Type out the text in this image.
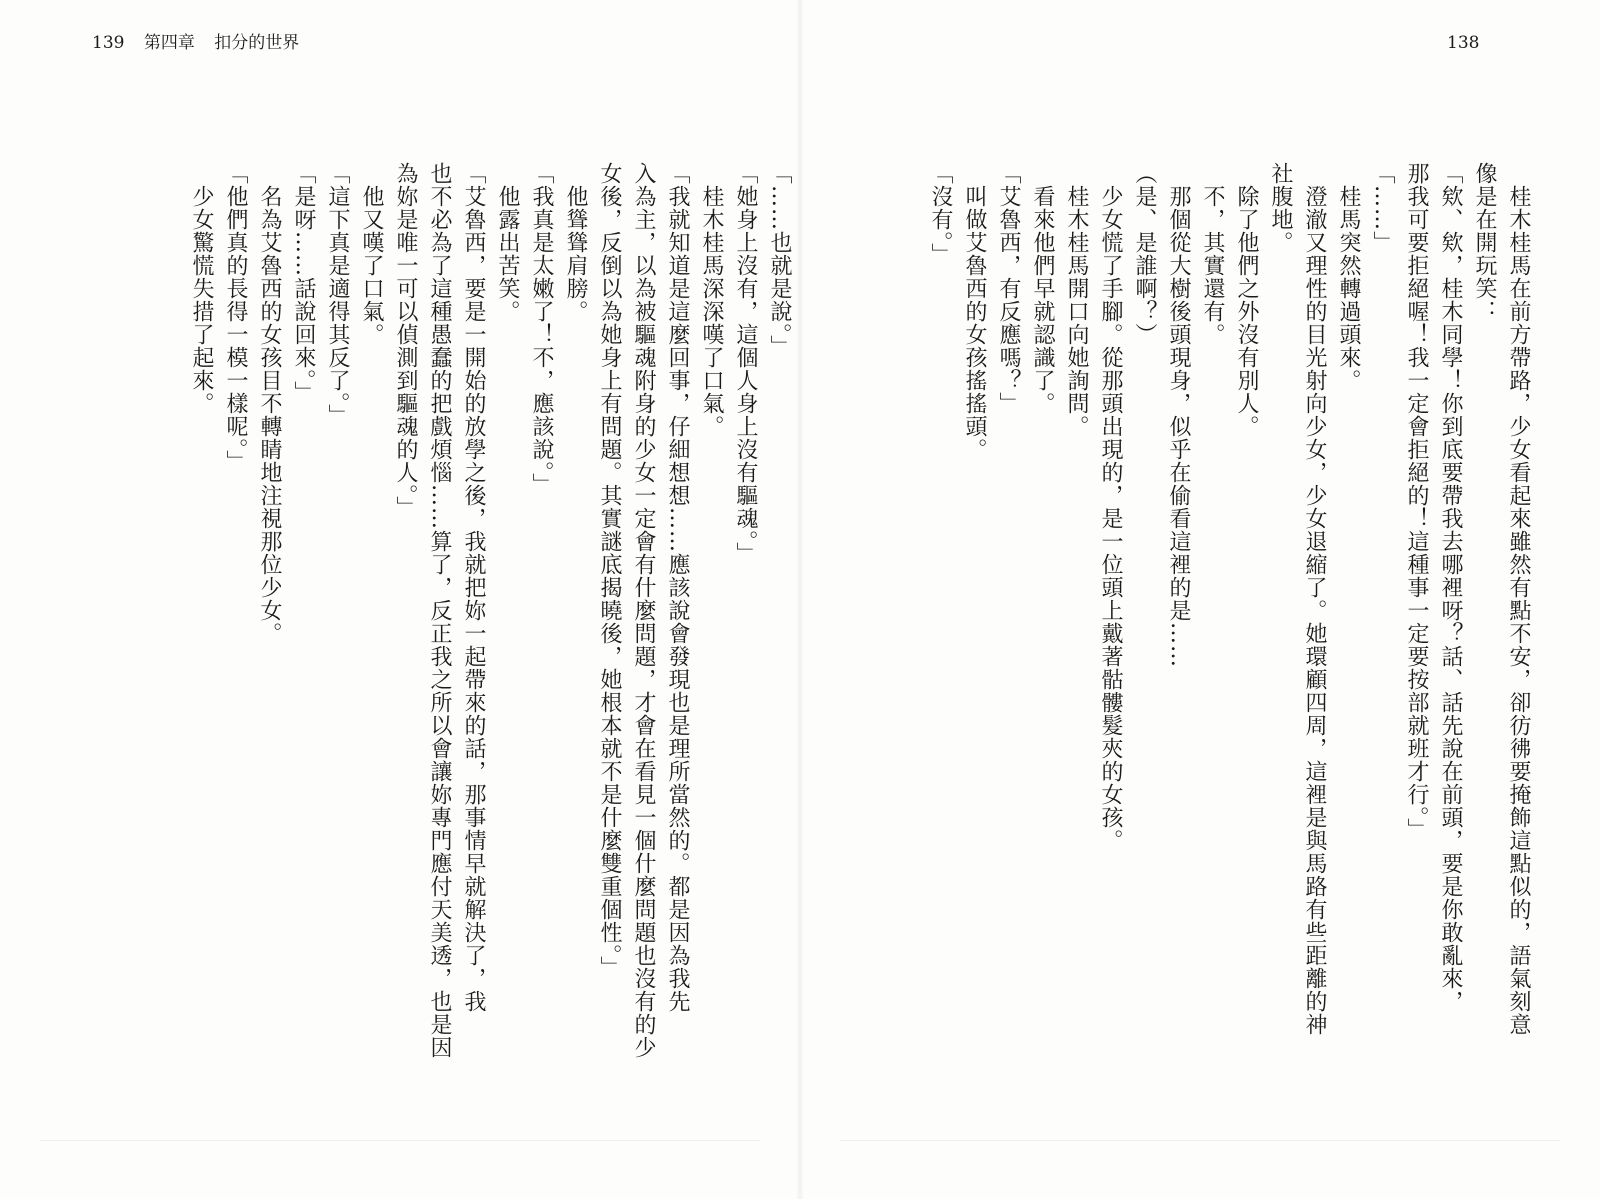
139 第四章 扣分的世界	138
　桂木桂馬在前方帶路，少女看起來雖然有點不安，卻彷彿要掩飾這點似的，語氣刻意
像是在開玩笑：
「欸、欸，桂木同學！你到底要帶我去哪裡呀？話、話先說在前頭，要是你敢亂來，
那我可要拒絕喔！我一定會拒絕的！這種事一定要按部就班才行。」
「……」
　桂馬突然轉過頭來。
　澄澈又理性的目光射向少女，少女退縮了。她環顧四周，這裡是與馬路有些距離的神
社腹地。
　除了他們之外沒有別人。
　不，其實還有。
　那個從大樹後頭現身，似乎在偷看這裡的是……
（是、是誰啊？）
　少女慌了手腳。從那頭出現的，是一位頭上戴著骷髏髮夾的女孩。
　桂木桂馬開口向她詢問。
　看來他們早就認識了。
「艾魯西，有反應嗎？」
　叫做艾魯西的女孩搖搖頭。
「沒有。」
「……也就是說。」
「她身上沒有，這個人身上沒有驅魂。」
　桂木桂馬深深嘆了口氣。
「我就知道是這麼回事，仔細想想……應該說會發現也是理所當然的。都是因為我先
入為主，以為被驅魂附身的少女一定會有什麼問題，才會在看見一個什麼問題也沒有的少
女後，反倒以為她身上有問題。其實謎底揭曉後，她根本就不是什麼雙重個性。」
　他聳聳肩膀。
「我真是太嫩了！不，應該說。」
　他露出苦笑。
「艾魯西，要是一開始的放學之後，我就把妳一起帶來的話，那事情早就解決了，我
也不必為了這種愚蠢的把戲煩惱……算了，反正我之所以會讓妳專門應付天美透，也是因
為妳是唯一可以偵測到驅魂的人。」
　他又嘆了口氣。
「這下真是適得其反了。」
「是呀……話說回來。」
　名為艾魯西的女孩目不轉睛地注視那位少女。
「他們真的長得一模一樣呢。」
　少女驚慌失措了起來。
